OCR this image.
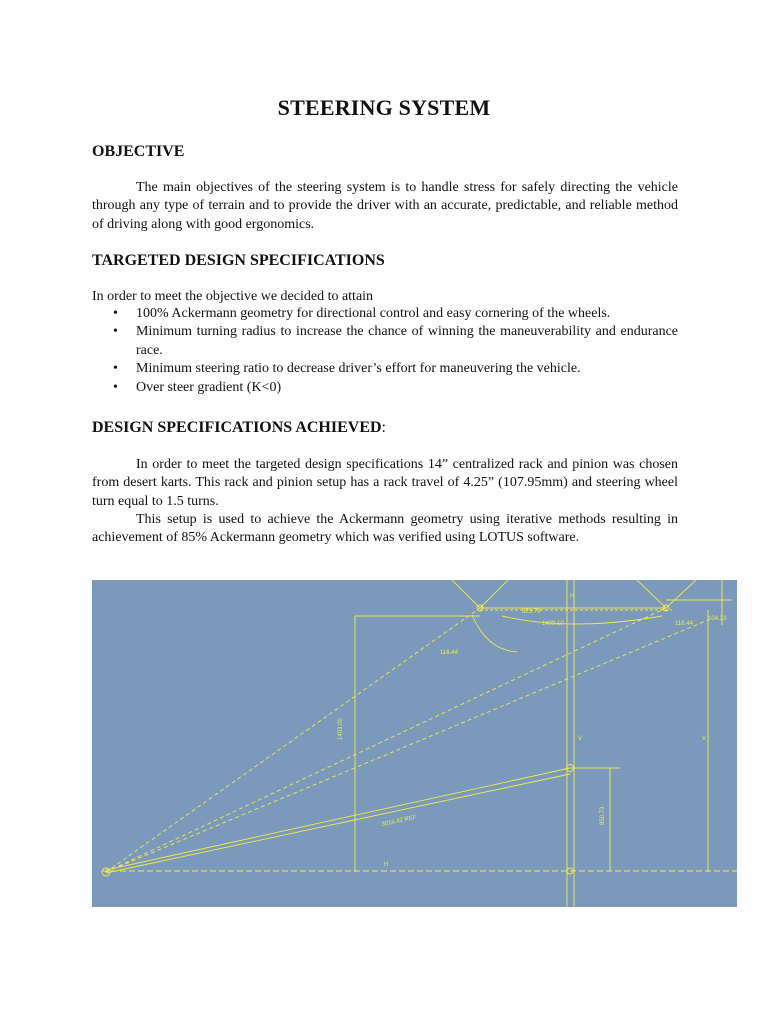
STEERING SYSTEM
OBJECTIVE
The main objectives of the steering system is to handle stress for safely directing the vehicle through any type of terrain and to provide the driver with an accurate, predictable, and reliable method of driving along with good ergonomics.
TARGETED DESIGN SPECIFICATIONS
In order to meet the objective we decided to attain
• 100% Ackermann geometry for directional control and easy cornering of the wheels.
• Minimum turning radius to increase the chance of winning the maneuverability and endurance race.
• Minimum steering ratio to decrease driver’s effort for maneuvering the vehicle.
• Over steer gradient (K<0)
DESIGN SPECIFICATIONS ACHIEVED:
In order to meet the targeted design specifications 14” centralized rack and pinion was chosen from desert karts. This rack and pinion setup has a rack travel of 4.25” (107.95mm) and steering wheel turn equal to 1.5 turns.
This setup is used to achieve the Ackermann geometry using iterative methods resulting in achievement of 85% Ackermann geometry which was verified using LOTUS software.
116.44
923.79
1409.10	116.44
104.33
1403.00
3016.42 REF	850.73
H
H
V	V
